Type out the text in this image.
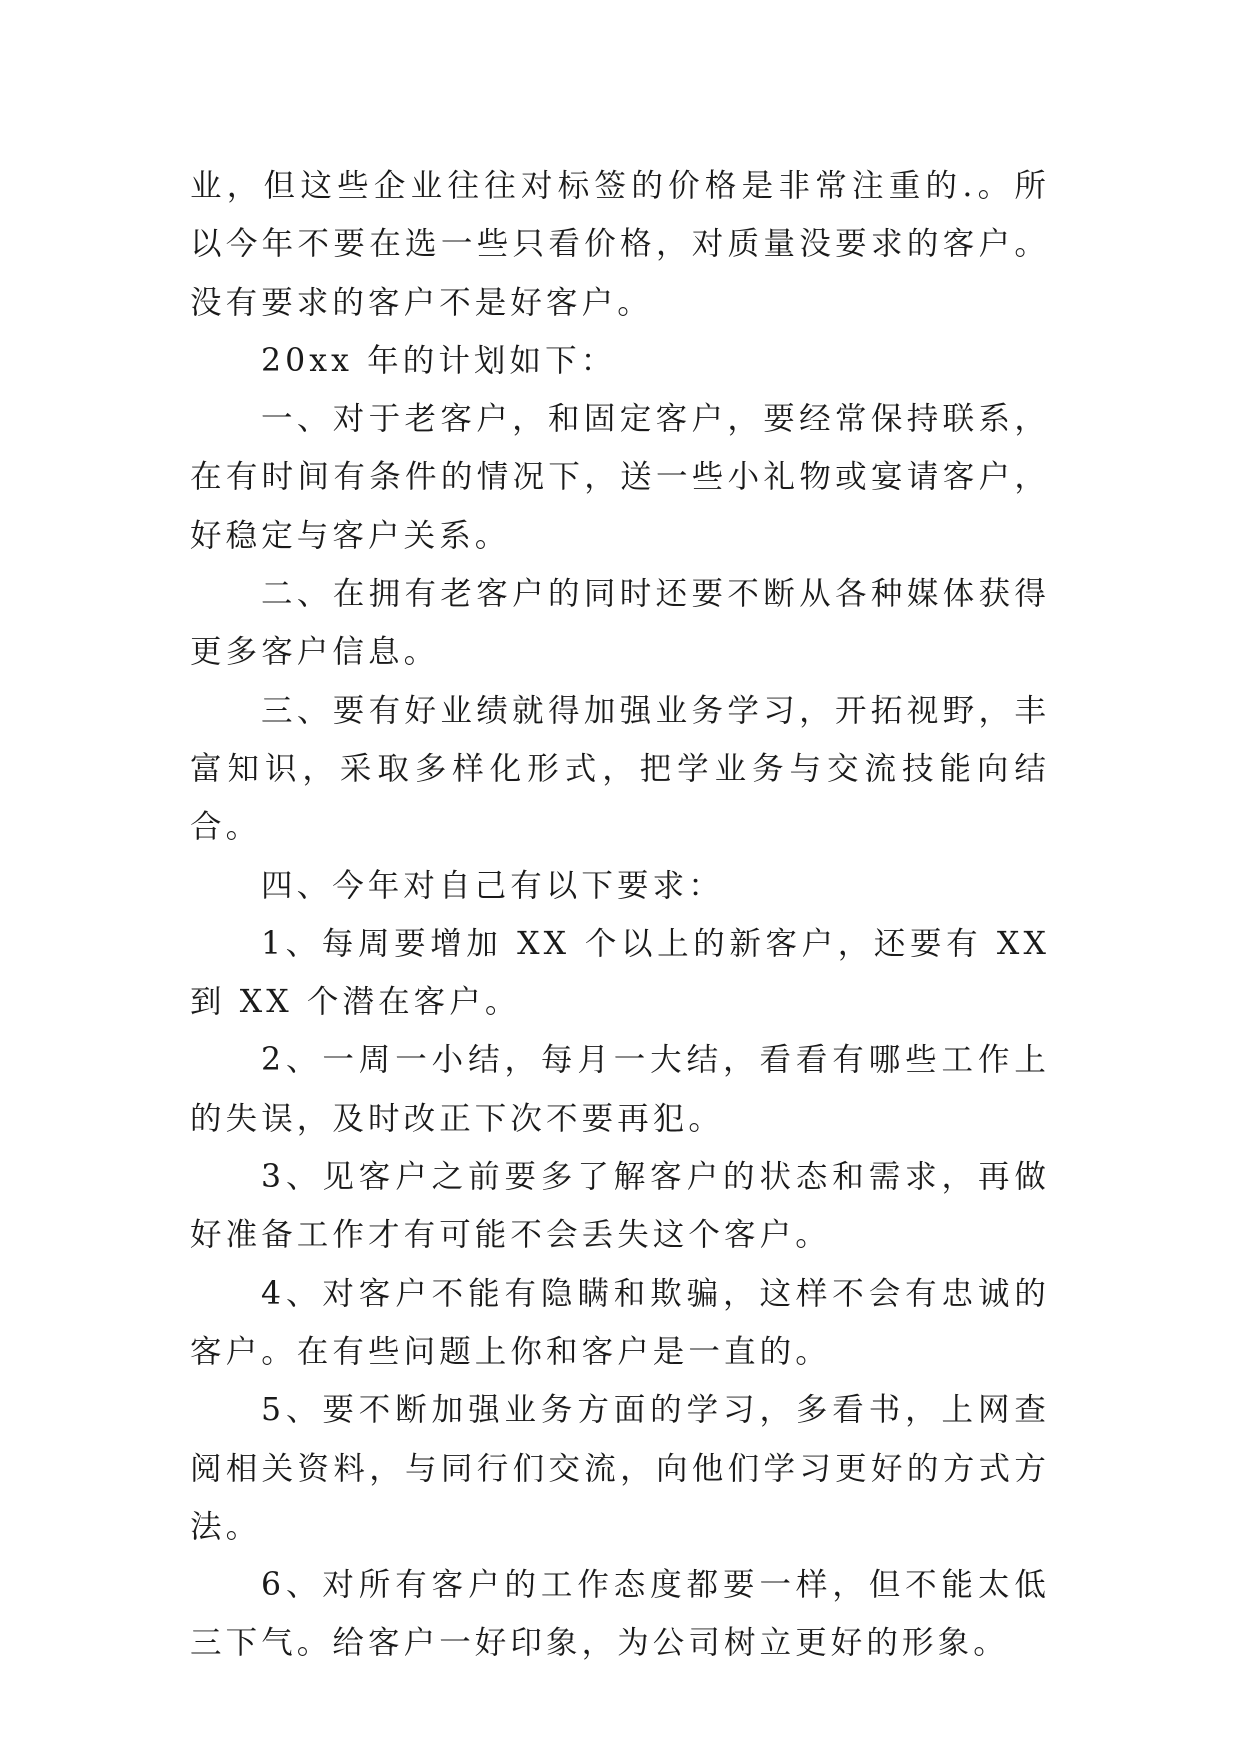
业，但这些企业往往对标签的价格是非常注重的.。所以今年不要在选一些只看价格，对质量没要求的客户。没有要求的客户不是好客户。

20xx 年的计划如下：

一、对于老客户，和固定客户，要经常保持联系，在有时间有条件的情况下，送一些小礼物或宴请客户，好稳定与客户关系。

二、在拥有老客户的同时还要不断从各种媒体获得更多客户信息。

三、要有好业绩就得加强业务学习，开拓视野，丰富知识，采取多样化形式，把学业务与交流技能向结合。

四、今年对自己有以下要求：

1、每周要增加 XX 个以上的新客户，还要有 XX 到 XX 个潜在客户。

2、一周一小结，每月一大结，看看有哪些工作上的失误，及时改正下次不要再犯。

3、见客户之前要多了解客户的状态和需求，再做好准备工作才有可能不会丢失这个客户。

4、对客户不能有隐瞒和欺骗，这样不会有忠诚的客户。在有些问题上你和客户是一直的。

5、要不断加强业务方面的学习，多看书，上网查阅相关资料，与同行们交流，向他们学习更好的方式方法。

6、对所有客户的工作态度都要一样，但不能太低三下气。给客户一好印象，为公司树立更好的形象。
